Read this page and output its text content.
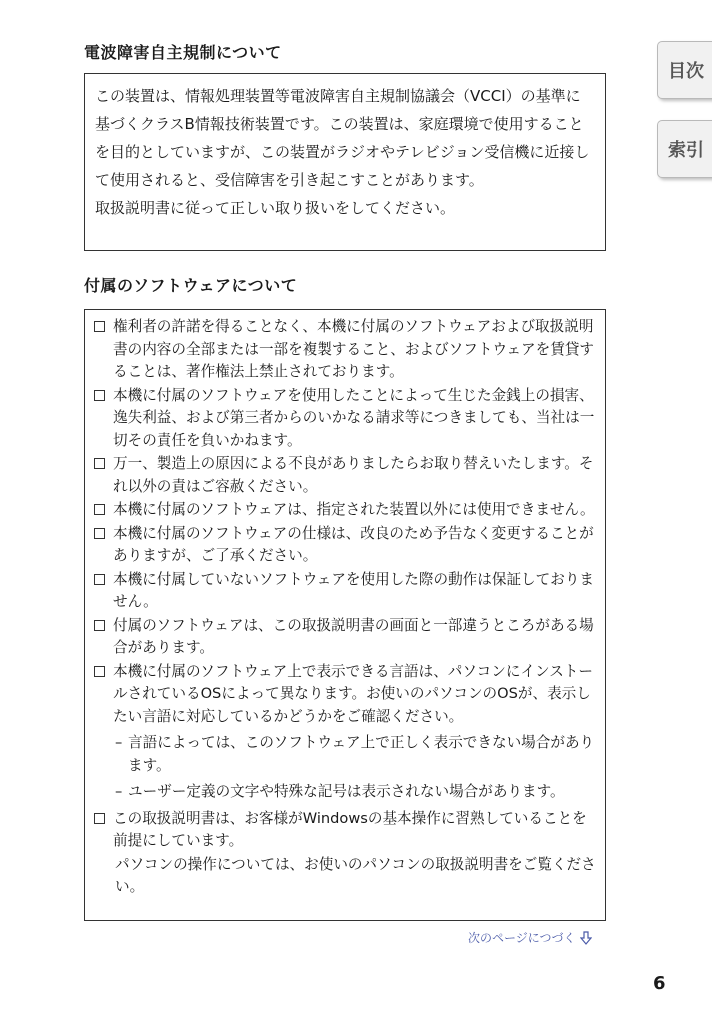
目次
索引
電波障害自主規制について

この装置は、情報処理装置等電波障害自主規制協議会（VCCI）の基準に基づくクラスB情報技術装置です。この装置は、家庭環境で使用することを目的としていますが、この装置がラジオやテレビジョン受信機に近接して使用されると、受信障害を引き起こすことがあります。

取扱説明書に従って正しい取り扱いをしてください。

付属のソフトウェアについて
権利者の許諾を得ることなく、本機に付属のソフトウェアおよび取扱説明書の内容の全部または一部を複製すること、およびソフトウェアを賃貸することは、著作権法上禁止されております。
本機に付属のソフトウェアを使用したことによって生じた金銭上の損害、逸失利益、および第三者からのいかなる請求等につきましても、当社は一切その責任を負いかねます。
万一、製造上の原因による不良がありましたらお取り替えいたします。それ以外の責はご容赦ください。
本機に付属のソフトウェアは、指定された装置以外には使用できません。
本機に付属のソフトウェアの仕様は、改良のため予告なく変更することがありますが、ご了承ください。
本機に付属していないソフトウェアを使用した際の動作は保証しておりません。
付属のソフトウェアは、この取扱説明書の画面と一部違うところがある場合があります。
本機に付属のソフトウェア上で表示できる言語は、パソコンにインストールされているOSによって異なります。お使いのパソコンのOSが、表示したい言語に対応しているかどうかをご確認ください。
– 言語によっては、このソフトウェア上で正しく表示できない場合があります。
– ユーザー定義の文字や特殊な記号は表示されない場合があります。
この取扱説明書は、お客様がWindowsの基本操作に習熟していることを前提にしています。
パソコンの操作については、お使いのパソコンの取扱説明書をご覧ください。
次のページにつづく
6
